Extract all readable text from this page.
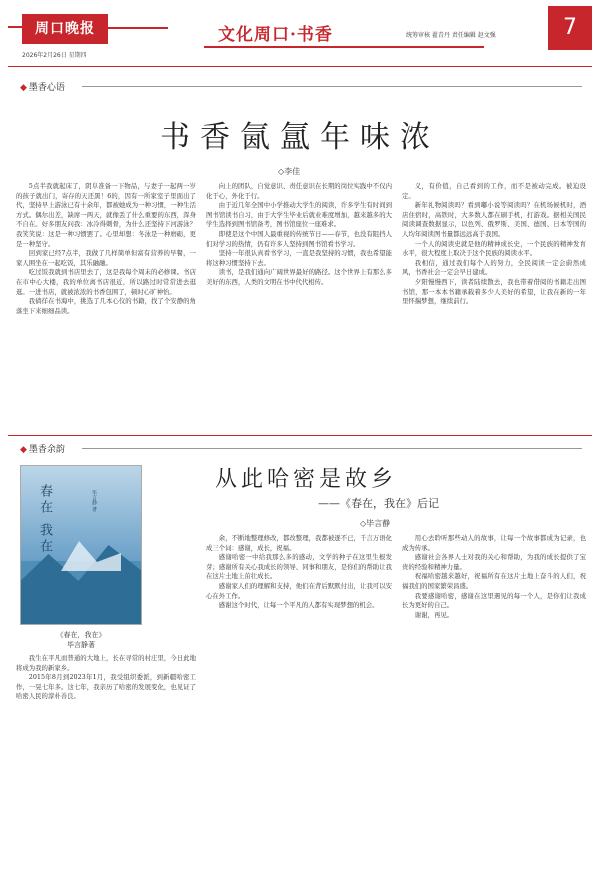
周口晚报
2026年2月26日 星期四
文化周口·书香	统筹审核 翟青丹 责任编辑 赵文强	7
◆ 墨香心语
书香氤氲年味浓
◇李佳

5点半我就起床了，阴阜准备一下物品，与妻子一起两一岁的孩子就出门，寄存的天还黑！6的，因有一所家室子里面出了代，坚持早上游泳已有十余年，都被她成为一种习惯，一种生活方式。偶尔出差，缺席一两天，就像丢了什么重要的东西，浑身不自在。好多朋友问我：冰冷得刺骨，为什么还坚持下河游泳？我笑笑说：这是一种习惯罢了。心里却想：冬泳是一种磨砺，更是一种坚守。

回到家已经7点半，我做了几样简单但富有营养的早餐，一家人围坐在一起吃饭，其乐融融。

吃过饭我就到书店里去了，这是我每个周末的必修课。书店在市中心大楼，我的单位离书店很近，所以路过时常常进去逛逛。一进书店，就被浓浓的书香包围了，顿时心旷神怡。

我徜徉在书海中，挑选了几本心仪的书籍，找了个安静的角落坐下来细细品读。

向上的团队，自觉意识、责任意识在长期的岗位实践中不仅内化于心，外化于行。

由于近几年全国中小学推动大学生的阅读，许多学生有时间到图书馆读书自习，由于大学生毕业后就业难度增加，越来越多的大学生选择到图书馆备考，图书馆座位一座难求。

即使是这个中国人最重视的传统节日——春节，也没有阻挡人们对学习的热情，仍有许多人坚持到图书馆看书学习。

坚持一年很认真看书学习，一直是我坚持的习惯，我也希望能将这种习惯坚持下去。

读书，是我们通向广阔世界最好的路径。这个世界上有那么多美好的东西，人类的文明在书中代代相传。

义，有价值，自己看到的工作，而不是被动完成。被迫设定。

新年礼物阅读吗？看到嘟小说等阅读吗？在机场候机时，酒店住宿时，高铁时，大多数人都在刷手机，打游戏。据相关国民阅读调查数据显示，以色列、俄罗斯、美国、德国、日本等国的人均年阅读图书量都远远高于我国。

一个人的阅读史就是他的精神成长史，一个民族的精神发育水平，很大程度上取决于这个民族的阅读水平。

我相信，通过我们每个人的努力，全民阅读一定会蔚然成风，书香社会一定会早日建成。

夕阳慢慢西下，读者陆续散去，我也带着借阅的书籍走出图书馆，那一本本书籍承载着多少人美好的希望，让我在新的一年里怀揣梦想，继续前行。

◆ 墨香余韵
春在 我在	毕言静 著
《春在，我在》
毕言静著
从此哈密是故乡
——《春在，我在》后记
◇毕言静

我生在平凡而普通的大地上，长在寻常的村庄里，今日此地将成为我的新家乡。

2015年8月到2023年1月，我受组织委派，到新疆哈密工作，一晃七年多。这七年，我亲历了哈密的发展变化，也见证了哈密人民的淳朴善良。

余，不断地整理修改，都改整理，我都被逐不已，千言万语化成三个词：感谢，成长，祝福。

感谢哈密一中给我那么多的感动，文学的种子在这里生根发芽；感谢所有关心我成长的领导、同事和朋友，是你们的帮助让我在这片土地上茁壮成长。

感谢家人们的理解和支持，他们在背后默默付出，让我可以安心在外工作。

感谢这个时代，让每一个平凡的人都有实现梦想的机会。

用心去聆听那些动人的故事，让每一个故事都成为记录，也成为传承。

感谢社会各界人士对我的关心和帮助，为我的成长提供了宝贵的经验和精神力量。

祝福哈密越来越好，祝福所有在这片土地上奋斗的人们，祝福我们的国家繁荣昌盛。

我要感谢哈密，感谢在这里遇见的每一个人，是你们让我成长为更好的自己。

谢谢，再见。
